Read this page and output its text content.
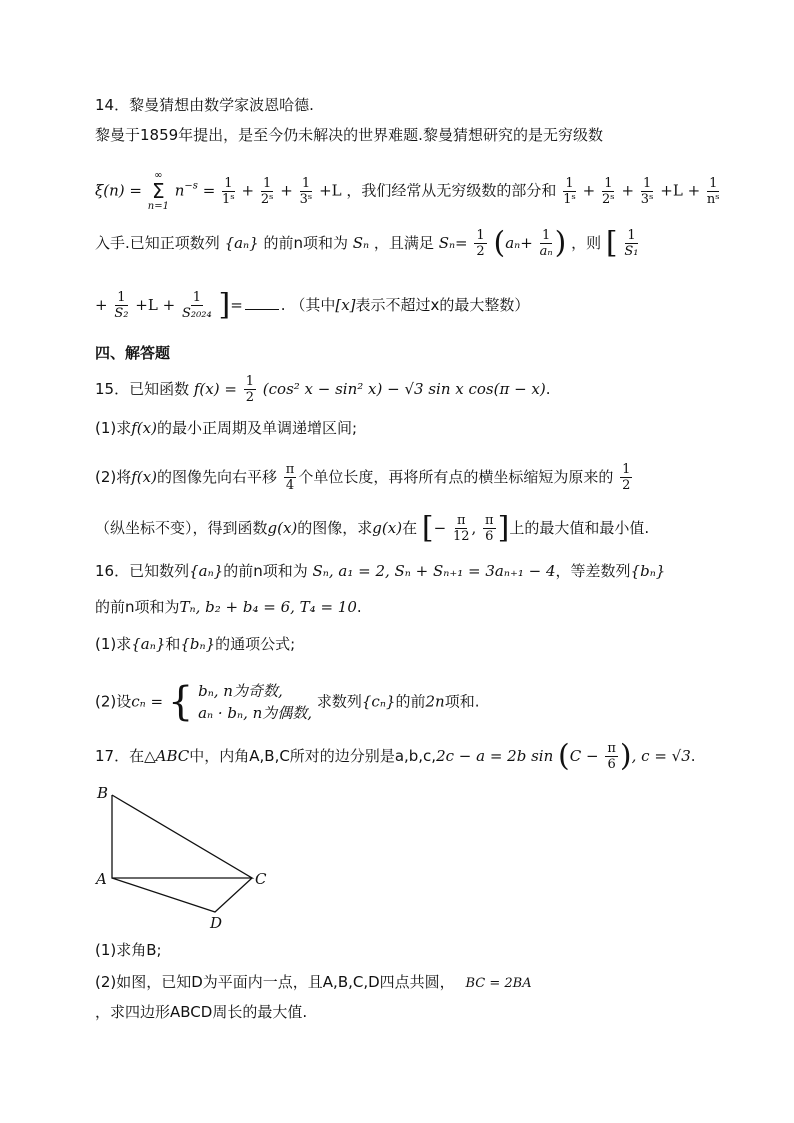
14．黎曼猜想由数学家波恩哈德.
黎曼于1859年提出，是至今仍未解决的世界难题.黎曼猜想研究的是无穷级数
ξ(n) =
∞
Σ
n=1
$n^{-s} = \frac{1}{\text{1ˢ}} + \frac{1}{\text{2ˢ}} + \frac{1}{\text{3ˢ}} +L$ ，我们经常从无穷级数的部分和 $\frac{1}{\text{1ˢ}} + \frac{1}{\text{2ˢ}} + \frac{1}{\text{3ˢ}} +L + \frac{1}{\text{nˢ}}$
入手.已知正项数列 {aₙ} 的前n项和为 Sₙ ，且满足 $S_n= \frac{1}{2} (a_n+ \frac{1}{\text{aₙ}}$ ) ，则 [ $\frac{1}{\text{S₁}}$
+ $\frac{1}{\text{S₂}} +L + \frac{1}{\text{S₂₀₂₄}}$ ]=	. （其中[x]表示不超过x的最大整数）
四、解答题
15．已知函数 $f(x) = \frac{1}{2} (\cos^2$ x − sin² x) − √3 sin x cos(π − x).
(1)求f(x)的最小正周期及单调递增区间;
(2)将f(x)的图像先向右平移 $\frac{\pi}{4}$ 个单位长度，再将所有点的横坐标缩短为原来的 $\frac{1}{2}$
（纵坐标不变），得到函数g(x)的图像，求g(x)在 [− $\frac{\pi}{12}$ , $\frac{\pi}{6}$ ]上的最大值和最小值.
16．已知数列{aₙ}的前n项和为 Sₙ, a₁ = 2, Sₙ + Sₙ₊₁ = 3aₙ₊₁ − 4，等差数列{bₙ}
的前n项和为Tₙ, b₂ + b₄ = 6, T₄ = 10.
(1)求{aₙ}和{bₙ}的通项公式;
(2)设cₙ = { bₙ, n为奇数,
aₙ · bₙ, n为偶数,
求数列{cₙ}的前2n项和.
17．在△ABC中，内角A,B,C所对的边分别是a,b,c,2c − a = 2b $\sin (C - \frac{\pi}{6}$ ), c = √3.
B
A	C
D
(1)求角B;
(2)如图，已知D为平面内一点，且A,B,C,D四点共圆， BC = 2BA
，求四边形ABCD周长的最大值.
